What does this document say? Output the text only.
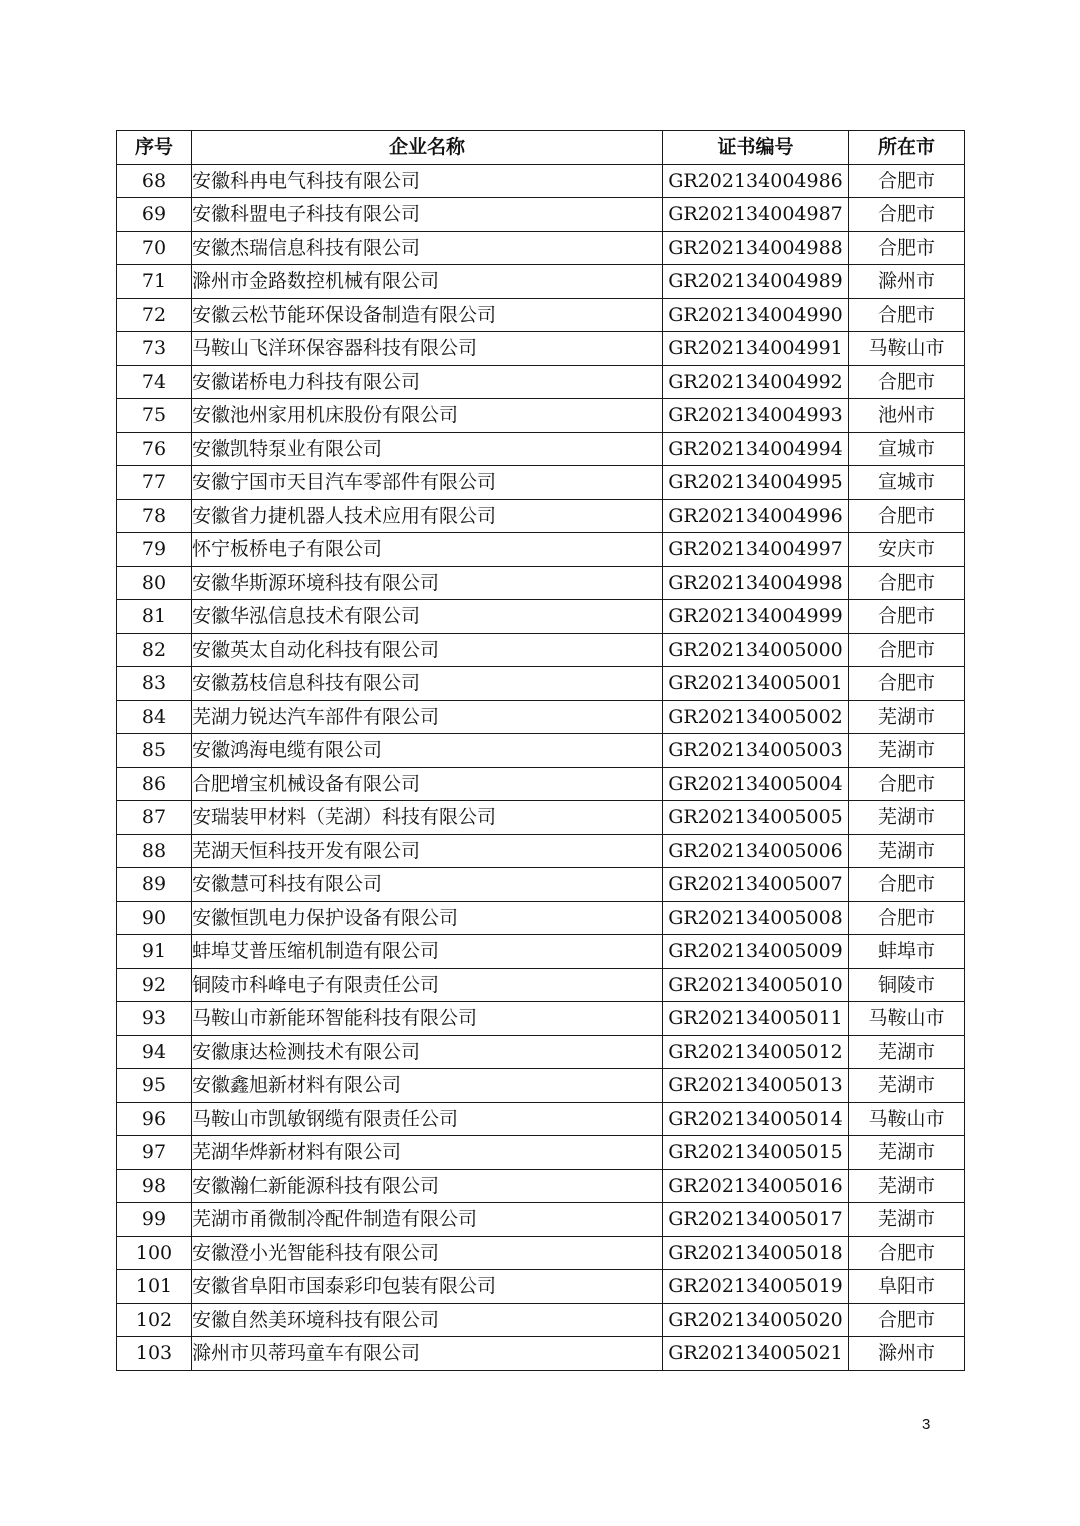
序号	企业名称	证书编号	所在市
68	安徽科冉电气科技有限公司	GR202134004986	合肥市
69	安徽科盟电子科技有限公司	GR202134004987	合肥市
70	安徽杰瑞信息科技有限公司	GR202134004988	合肥市
71	滁州市金路数控机械有限公司	GR202134004989	滁州市
72	安徽云松节能环保设备制造有限公司	GR202134004990	合肥市
73	马鞍山飞洋环保容器科技有限公司	GR202134004991	马鞍山市
74	安徽诺桥电力科技有限公司	GR202134004992	合肥市
75	安徽池州家用机床股份有限公司	GR202134004993	池州市
76	安徽凯特泵业有限公司	GR202134004994	宣城市
77	安徽宁国市天目汽车零部件有限公司	GR202134004995	宣城市
78	安徽省力捷机器人技术应用有限公司	GR202134004996	合肥市
79	怀宁板桥电子有限公司	GR202134004997	安庆市
80	安徽华斯源环境科技有限公司	GR202134004998	合肥市
81	安徽华泓信息技术有限公司	GR202134004999	合肥市
82	安徽英太自动化科技有限公司	GR202134005000	合肥市
83	安徽荔枝信息科技有限公司	GR202134005001	合肥市
84	芜湖力锐达汽车部件有限公司	GR202134005002	芜湖市
85	安徽鸿海电缆有限公司	GR202134005003	芜湖市
86	合肥增宝机械设备有限公司	GR202134005004	合肥市
87	安瑞装甲材料（芜湖）科技有限公司	GR202134005005	芜湖市
88	芜湖天恒科技开发有限公司	GR202134005006	芜湖市
89	安徽慧可科技有限公司	GR202134005007	合肥市
90	安徽恒凯电力保护设备有限公司	GR202134005008	合肥市
91	蚌埠艾普压缩机制造有限公司	GR202134005009	蚌埠市
92	铜陵市科峰电子有限责任公司	GR202134005010	铜陵市
93	马鞍山市新能环智能科技有限公司	GR202134005011	马鞍山市
94	安徽康达检测技术有限公司	GR202134005012	芜湖市
95	安徽鑫旭新材料有限公司	GR202134005013	芜湖市
96	马鞍山市凯敏钢缆有限责任公司	GR202134005014	马鞍山市
97	芜湖华烨新材料有限公司	GR202134005015	芜湖市
98	安徽瀚仁新能源科技有限公司	GR202134005016	芜湖市
99	芜湖市甬微制冷配件制造有限公司	GR202134005017	芜湖市
100	安徽澄小光智能科技有限公司	GR202134005018	合肥市
101	安徽省阜阳市国泰彩印包装有限公司	GR202134005019	阜阳市
102	安徽自然美环境科技有限公司	GR202134005020	合肥市
103	滁州市贝蒂玛童车有限公司	GR202134005021	滁州市
3
